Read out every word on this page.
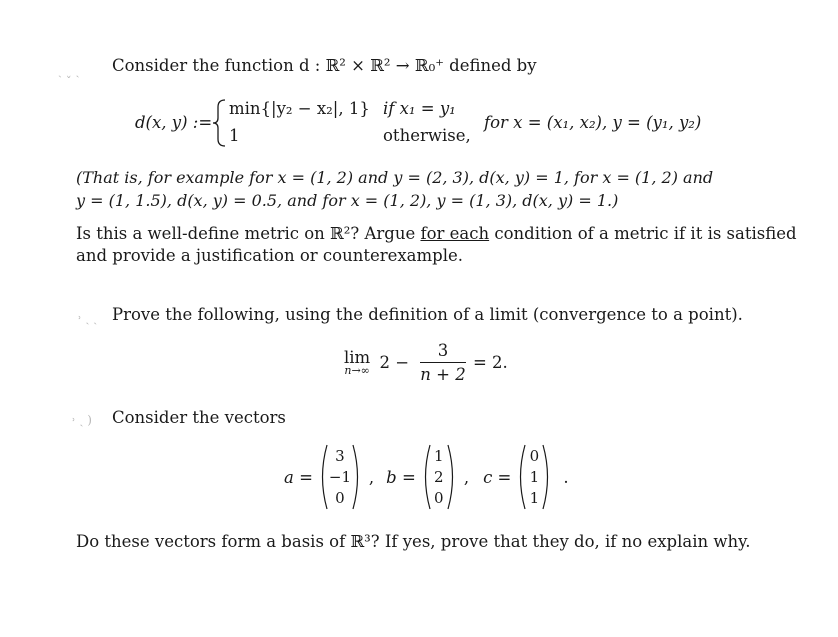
ˏ ˯ ˏ Consider the function d : ℝ² × ℝ² → ℝ₀⁺ defined by
d(x, y) :=
min{|y₂ − x₂|, 1} if x₁ = y₁
1	otherwise,
for x = (x₁, x₂), y = (y₁, y₂)
(That is, for example for x = (1, 2) and y = (2, 3), d(x, y) = 1, for x = (1, 2) and
y = (1, 1.5), d(x, y) = 0.5, and for x = (1, 2), y = (1, 3), d(x, y) = 1.)
Is this a well-define metric on ℝ²? Argue for each condition of a metric if it is satisfied
and provide a justification or counterexample.
˒ ˏ ˎ Prove the following, using the definition of a limit (convergence to a point).
lim
n→∞ $2 - \frac{3}{n + 2} = 2$.
˒ ˎ ) Consider the vectors
a =
3
−1
0
, b =
1
2
0
, c =
0
1
1
.
Do these vectors form a basis of ℝ³? If yes, prove that they do, if no explain why.
